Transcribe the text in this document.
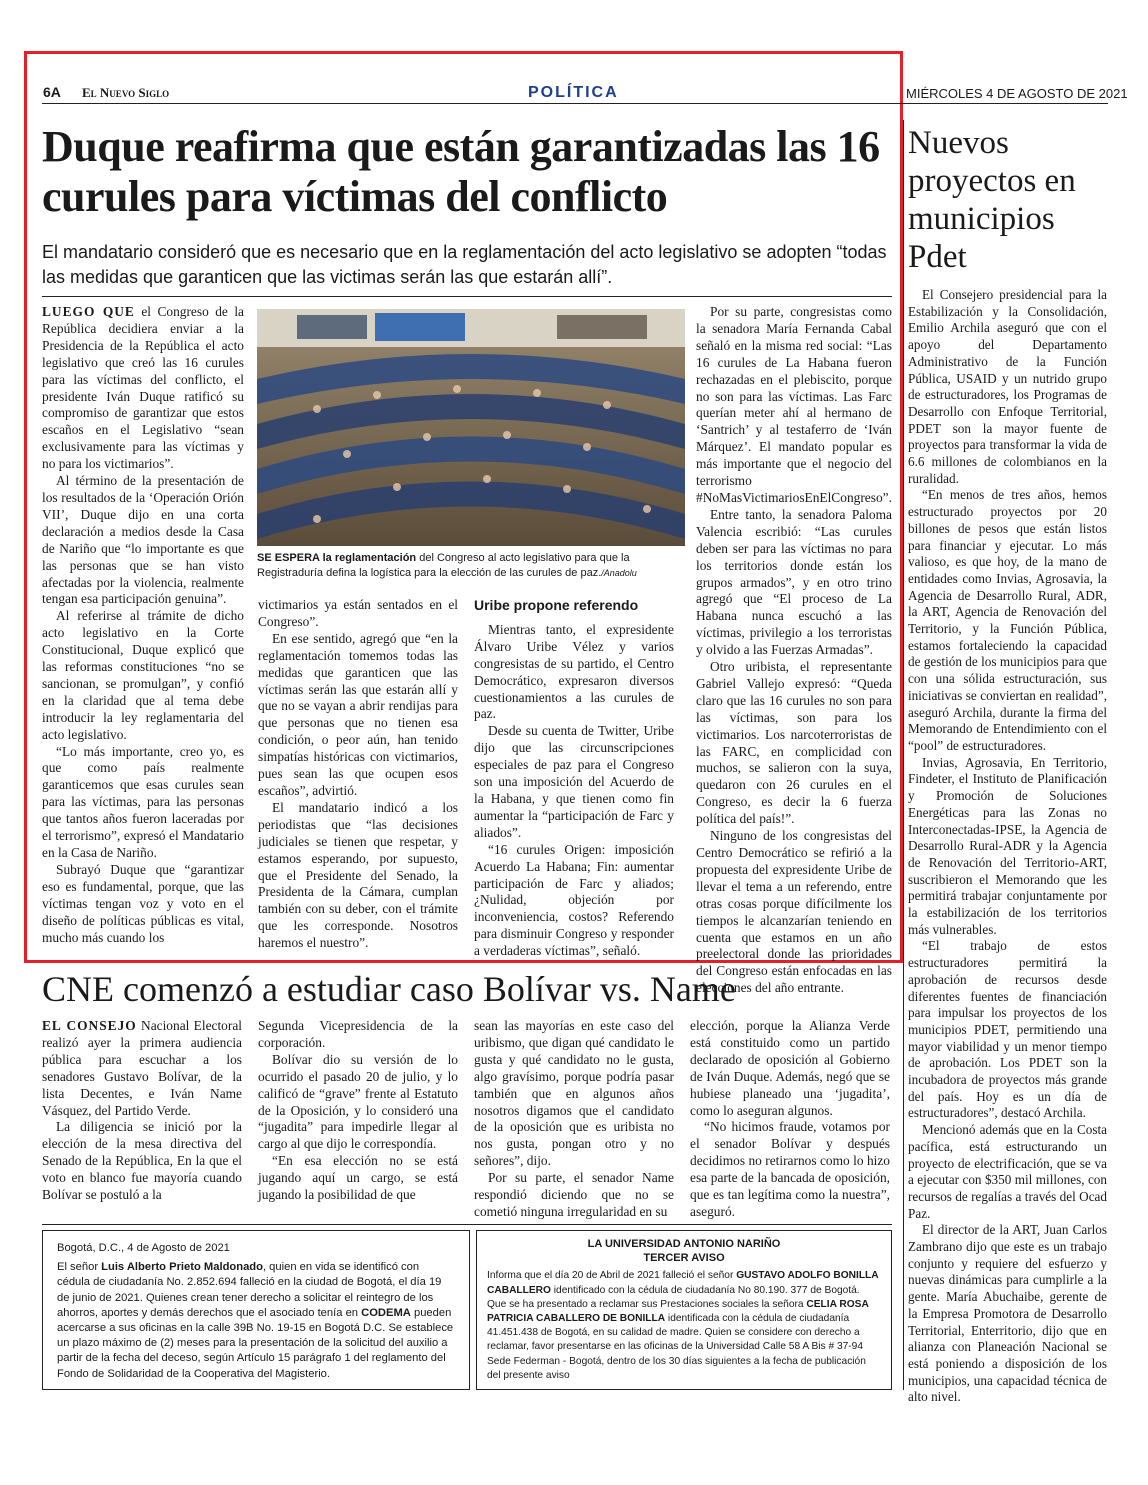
6A El Nuevo Siglo	POLÍTICA	MIÉRCOLES 4 DE AGOSTO DE 2021
Duque reafirma que están garantizadas las 16 curules para víctimas del conflicto
El mandatario consideró que es necesario que en la reglamentación del acto legislativo se adopten “todas las medidas que garanticen que las victimas serán las que estarán allí”.

LUEGO QUE el Congreso de la República decidiera enviar a la Presidencia de la República el acto legislativo que creó las 16 curules para las víctimas del conflicto, el presidente Iván Duque ratificó su compromiso de garantizar que estos escaños en el Legislativo “sean exclusivamente para las víctimas y no para los victimarios”.

Al término de la presentación de los resultados de la ‘Operación Orión VII’, Duque dijo en una corta declaración a medios desde la Casa de Nariño que “lo importante es que las personas que se han visto afectadas por la violencia, realmente tengan esa participación genuina”.

Al referirse al trámite de dicho acto legislativo en la Corte Constitucional, Duque explicó que las reformas constituciones “no se sancionan, se promulgan”, y confió en la claridad que al tema debe introducir la ley reglamentaria del acto legislativo.

“Lo más importante, creo yo, es que como país realmente garanticemos que esas curules sean para las víctimas, para las personas que tantos años fueron laceradas por el terrorismo”, expresó el Mandatario en la Casa de Nariño.

Subrayó Duque que “garantizar eso es fundamental, porque, que las víctimas tengan voz y voto en el diseño de políticas públicas es vital, mucho más cuando los

SE ESPERA la reglamentación del Congreso al acto legislativo para que la Registraduría defina la logística para la elección de las curules de paz./Anadolu

victimarios ya están sentados en el Congreso”.

En ese sentido, agregó que “en la reglamentación tomemos todas las medidas que garanticen que las víctimas serán las que estarán allí y que no se vayan a abrir rendijas para que personas que no tienen esa condición, o peor aún, han tenido simpatías históricas con victimarios, pues sean las que ocupen esos escaños”, advirtió.

El mandatario indicó a los periodistas que “las decisiones judiciales se tienen que respetar, y estamos esperando, por supuesto, que el Presidente del Senado, la Presidenta de la Cámara, cumplan también con su deber, con el trámite que les corresponde. Nosotros haremos el nuestro”.

Uribe propone referendo

Mientras tanto, el expresidente Álvaro Uribe Vélez y varios congresistas de su partido, el Centro Democrático, expresaron diversos cuestionamientos a las curules de paz.

Desde su cuenta de Twitter, Uribe dijo que las circunscripciones especiales de paz para el Congreso son una imposición del Acuerdo de la Habana, y que tienen como fin aumentar la “participación de Farc y aliados”.

“16 curules Origen: imposición Acuerdo La Habana; Fin: aumentar participación de Farc y aliados; ¿Nulidad, objeción por inconveniencia, costos? Referendo para disminuir Congreso y responder a verdaderas víctimas”, señaló.

Por su parte, congresistas como la senadora María Fernanda Cabal señaló en la misma red social: “Las 16 curules de La Habana fueron rechazadas en el plebiscito, porque no son para las víctimas. Las Farc querían meter ahí al hermano de ‘Santrich’ y al testaferro de ‘Iván Márquez’. El mandato popular es más importante que el negocio del terrorismo #NoMasVictimariosEnElCongreso”.

Entre tanto, la senadora Paloma Valencia escribió: “Las curules deben ser para las víctimas no para los territorios donde están los grupos armados”, y en otro trino agregó que “El proceso de La Habana nunca escuchó a las víctimas, privilegio a los terroristas y olvido a las Fuerzas Armadas”.

Otro uribista, el representante Gabriel Vallejo expresó: “Queda claro que las 16 curules no son para las víctimas, son para los victimarios. Los narcoterroristas de las FARC, en complicidad con muchos, se salieron con la suya, quedaron con 26 curules en el Congreso, es decir la 6 fuerza política del país!”.

Ninguno de los congresistas del Centro Democrático se refirió a la propuesta del expresidente Uribe de llevar el tema a un referendo, entre otras cosas porque difícilmente los tiempos le alcanzarían teniendo en cuenta que estamos en un año preelectoral donde las prioridades del Congreso están enfocadas en las elecciones del año entrante.

Nuevos proyectos en municipios Pdet

El Consejero presidencial para la Estabilización y la Consolidación, Emilio Archila aseguró que con el apoyo del Departamento Administrativo de la Función Pública, USAID y un nutrido grupo de estructuradores, los Programas de Desarrollo con Enfoque Territorial, PDET son la mayor fuente de proyectos para transformar la vida de 6.6 millones de colombianos en la ruralidad.

“En menos de tres años, hemos estructurado proyectos por 20 billones de pesos que están listos para financiar y ejecutar. Lo más valioso, es que hoy, de la mano de entidades como Invias, Agrosavia, la Agencia de Desarrollo Rural, ADR, la ART, Agencia de Renovación del Territorio, y la Función Pública, estamos fortaleciendo la capacidad de gestión de los municipios para que con una sólida estructuración, sus iniciativas se conviertan en realidad”, aseguró Archila, durante la firma del Memorando de Entendimiento con el “pool” de estructuradores.

Invias, Agrosavia, En Territorio, Findeter, el Instituto de Planificación y Promoción de Soluciones Energéticas para las Zonas no Interconectadas-IPSE, la Agencia de Desarrollo Rural-ADR y la Agencia de Renovación del Territorio-ART, suscribieron el Memorando que les permitirá trabajar conjuntamente por la estabilización de los territorios más vulnerables.

“El trabajo de estos estructuradores permitirá la aprobación de recursos desde diferentes fuentes de financiación para impulsar los proyectos de los municipios PDET, permitiendo una mayor viabilidad y un menor tiempo de aprobación. Los PDET son la incubadora de proyectos más grande del país. Hoy es un día de estructuradores”, destacó Archila.

Mencionó además que en la Costa pacífica, está estructurando un proyecto de electrificación, que se va a ejecutar con $350 mil millones, con recursos de regalías a través del Ocad Paz.

El director de la ART, Juan Carlos Zambrano dijo que este es un trabajo conjunto y requiere del esfuerzo y nuevas dinámicas para cumplirle a la gente. María Abuchaibe, gerente de la Empresa Promotora de Desarrollo Territorial, Enterritorio, dijo que en alianza con Planeación Nacional se está poniendo a disposición de los municipios, una capacidad técnica de alto nivel.

CNE comenzó a estudiar caso Bolívar vs. Name

EL CONSEJO Nacional Electoral realizó ayer la primera audiencia pública para escuchar a los senadores Gustavo Bolívar, de la lista Decentes, e Iván Name Vásquez, del Partido Verde.

La diligencia se inició por la elección de la mesa directiva del Senado de la República, En la que el voto en blanco fue mayoría cuando Bolívar se postuló a la

Segunda Vicepresidencia de la corporación.

Bolívar dio su versión de lo ocurrido el pasado 20 de julio, y lo calificó de “grave” frente al Estatuto de la Oposición, y lo consideró una “jugadita” para impedirle llegar al cargo al que dijo le correspondía.

“En esa elección no se está jugando aquí un cargo, se está jugando la posibilidad de que

sean las mayorías en este caso del uribismo, que digan qué candidato le gusta y qué candidato no le gusta, algo gravísimo, porque podría pasar también que en algunos años nosotros digamos que el candidato de la oposición que es uribista no nos gusta, pongan otro y no señores”, dijo.

Por su parte, el senador Name respondió diciendo que no se cometió ninguna irregularidad en su

elección, porque la Alianza Verde está constituido como un partido declarado de oposición al Gobierno de Iván Duque. Además, negó que se hubiese planeado una ‘jugadita’, como lo aseguran algunos.

“No hicimos fraude, votamos por el senador Bolívar y después decidimos no retirarnos como lo hizo esa parte de la bancada de oposición, que es tan legítima como la nuestra”, aseguró.

Bogotá, D.C., 4 de Agosto de 2021
El señor Luis Alberto Prieto Maldonado, quien en vida se identificó con cédula de ciudadanía No. 2.852.694 falleció en la ciudad de Bogotá, el día 19 de junio de 2021. Quienes crean tener derecho a solicitar el reintegro de los ahorros, aportes y demás derechos que el asociado tenía en CODEMA pueden acercarse a sus oficinas en la calle 39B No. 19-15 en Bogotá D.C. Se establece un plazo máximo de (2) meses para la presentación de la solicitud del auxilio a partir de la fecha del deceso, según Artículo 15 parágrafo 1 del reglamento del Fondo de Solidaridad de la Cooperativa del Magisterio.
LA UNIVERSIDAD ANTONIO NARIÑO
TERCER AVISO
Informa que el día 20 de Abril de 2021 falleció el señor GUSTAVO ADOLFO BONILLA CABALLERO identificado con la cédula de ciudadanía No 80.190. 377 de Bogotá. Que se ha presentado a reclamar sus Prestaciones sociales la señora CELIA ROSA PATRICIA CABALLERO DE BONILLA identificada con la cédula de ciudadanía 41.451.438 de Bogotá, en su calidad de madre. Quien se considere con derecho a reclamar, favor presentarse en las oficinas de la Universidad Calle 58 A Bis # 37-94 Sede Federman - Bogotá, dentro de los 30 días siguientes a la fecha de publicación del presente aviso
